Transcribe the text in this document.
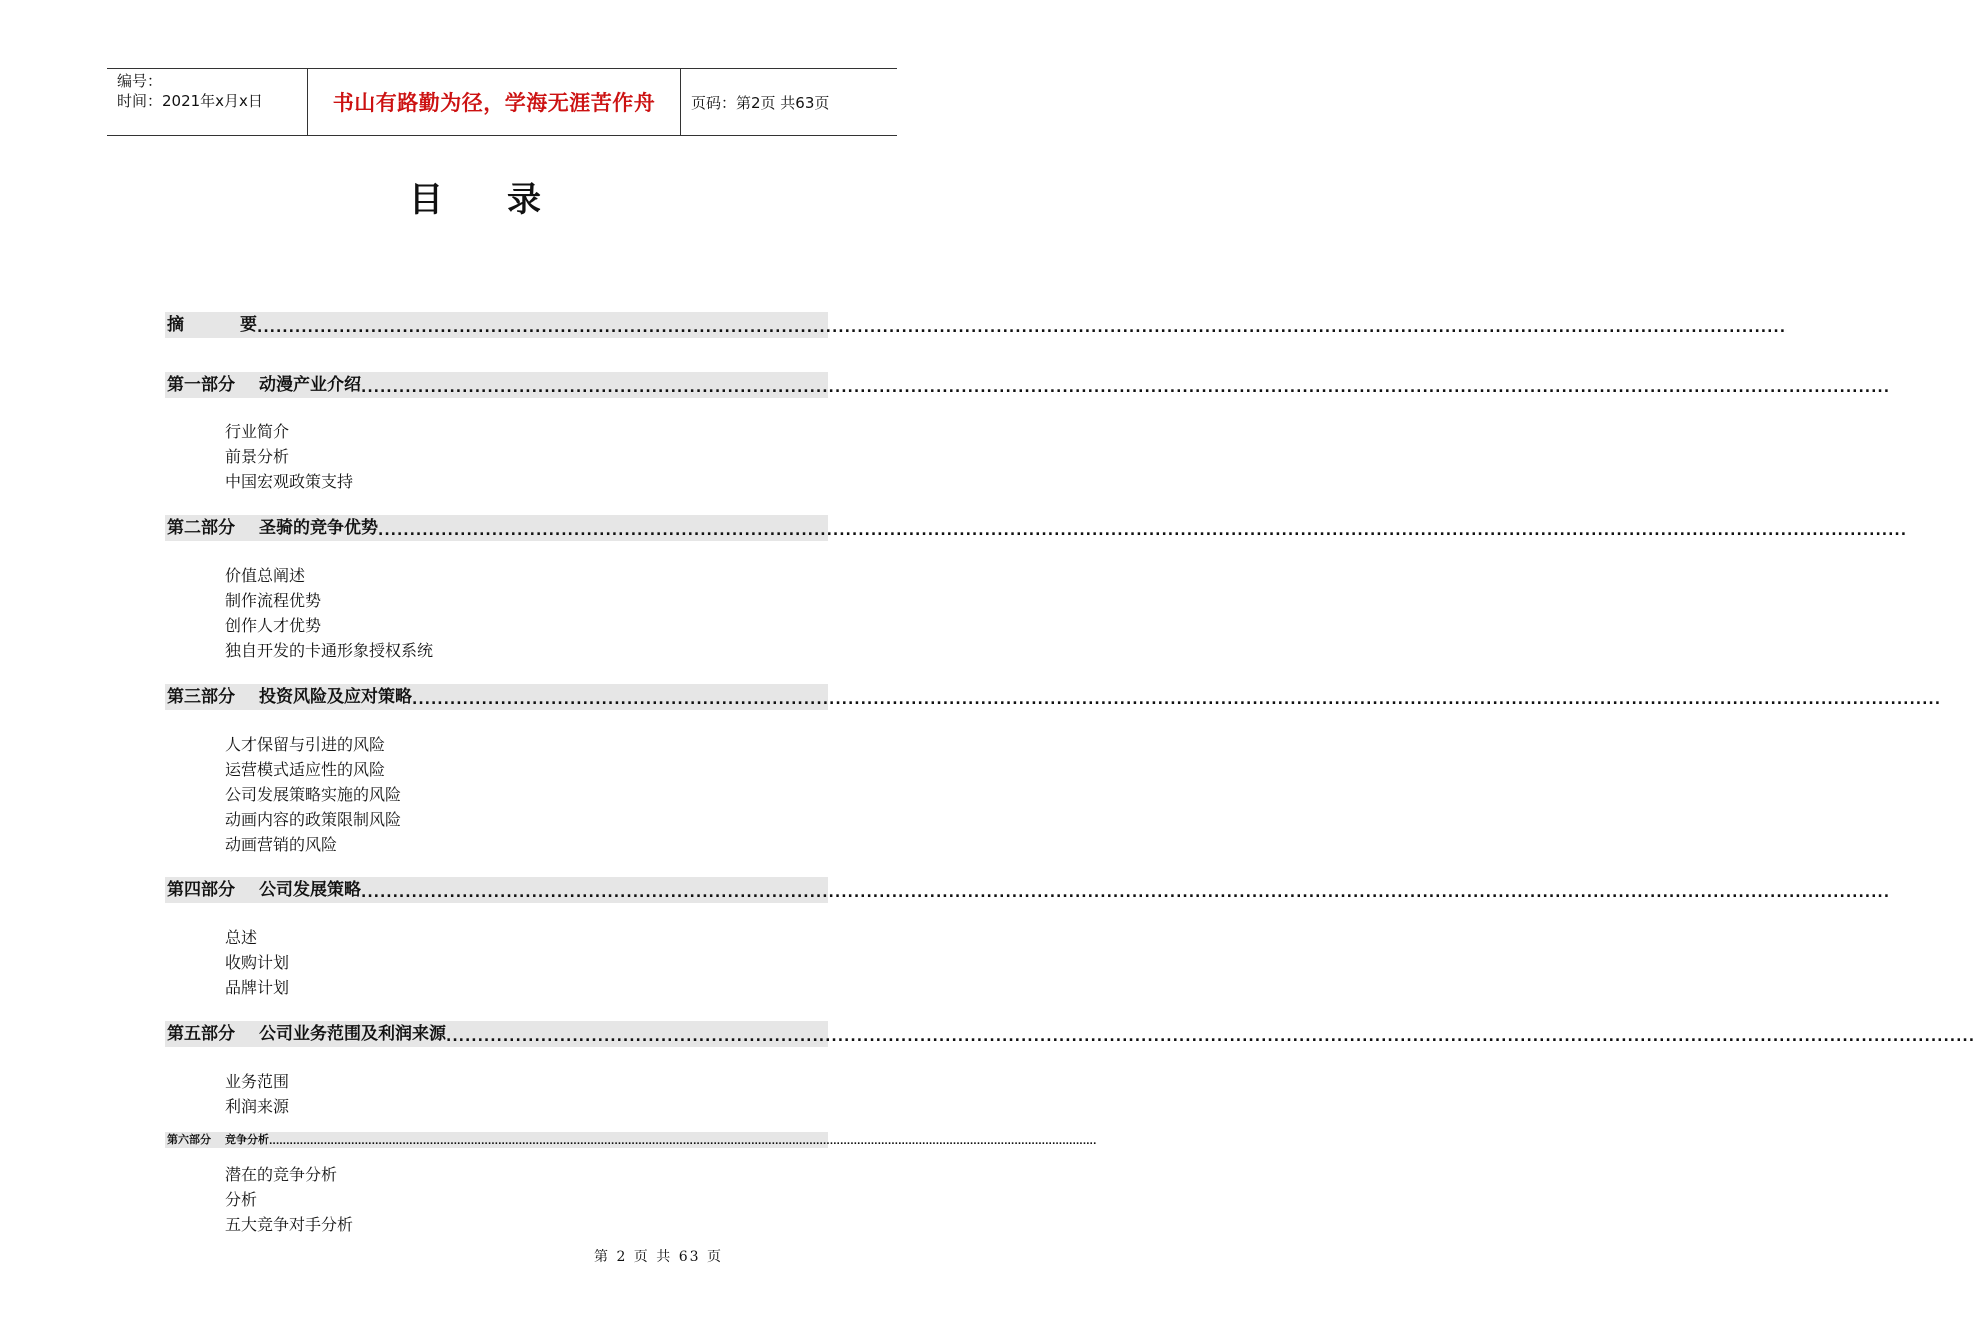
编号：
时间：2021年x月x日	书山有路勤为径，学海无涯苦作舟	页码：第2页 共63页
目录
摘	要 ..................................................................................................................................................................................................................................................
第一部分 动漫产业介绍 ..................................................................................................................................................................................................................................................
行业简介
前景分析
中国宏观政策支持
第二部分 圣骑的竞争优势 ..................................................................................................................................................................................................................................................
价值总阐述
制作流程优势
创作人才优势
独自开发的卡通形象授权系统
第三部分 投资风险及应对策略 ..................................................................................................................................................................................................................................................
人才保留与引进的风险
运营模式适应性的风险
公司发展策略实施的风险
动画内容的政策限制风险
动画营销的风险
第四部分 公司发展策略 ..................................................................................................................................................................................................................................................
总述
收购计划
品牌计划
第五部分 公司业务范围及利润来源 ..................................................................................................................................................................................................................................................
业务范围
利润来源
第六部分 竞争分析 ..................................................................................................................................................................................................................................................
潜在的竞争分析
分析
五大竞争对手分析
第 2 页 共 63 页
